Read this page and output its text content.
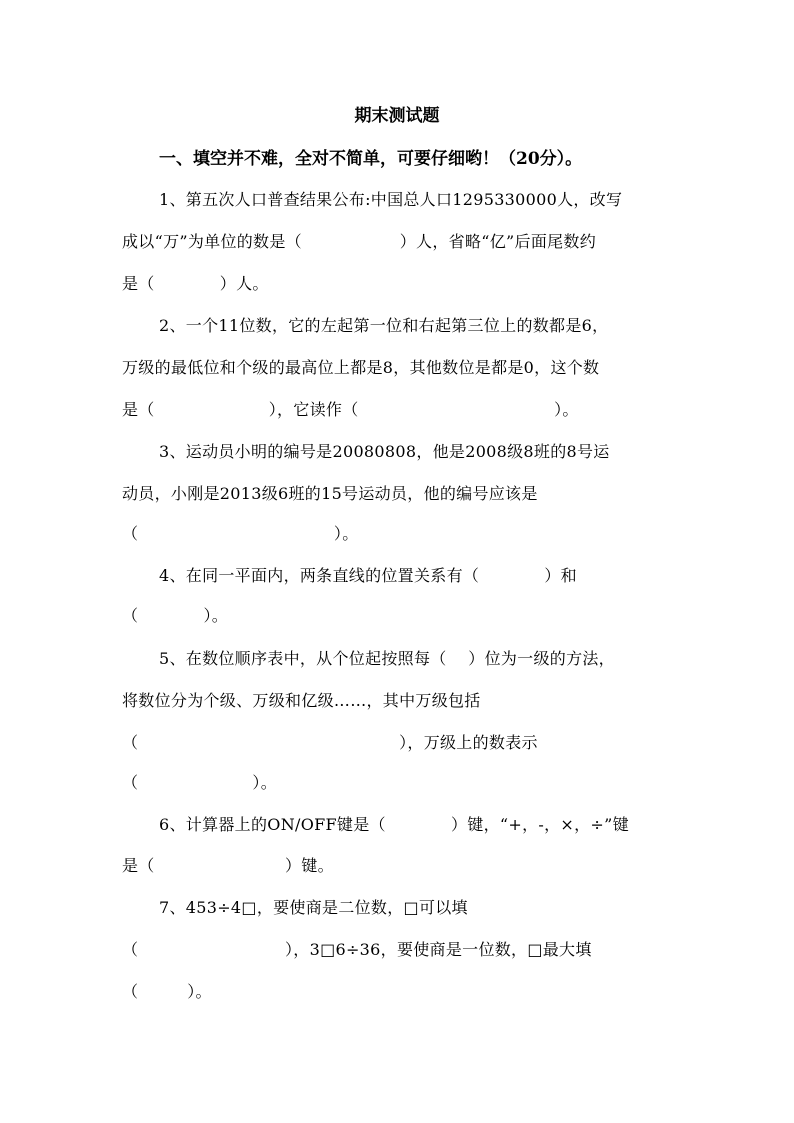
期末测试题
一、填空并不难，全对不简单，可要仔细哟！（20分）。
1、第五次人口普查结果公布:中国总人口1295330000人，改写
成以“万”为单位的数是（　　　　　　）人，省略“亿”后面尾数约
是（　　　　）人。
2、一个11位数，它的左起第一位和右起第三位上的数都是6，
万级的最低位和个级的最高位上都是8，其他数位是都是0，这个数
是（　　　　　　　），它读作（　　　　　　　　　　　　）。
3、运动员小明的编号是20080808，他是2008级8班的8号运
动员，小刚是2013级6班的15号运动员，他的编号应该是
（　　　　　　　　　　　　）。
4、在同一平面内，两条直线的位置关系有（　　　　）和
（　　　　）。
5、在数位顺序表中，从个位起按照每（　 ）位为一级的方法，
将数位分为个级、万级和亿级……，其中万级包括
（　　　　　　　　　　　　　　　　），万级上的数表示
（　　　　　　　）。
6、计算器上的ON/OFF键是（　　　　）键，“+，-，×，÷”键
是（　　　　　　　　）键。
7、453÷4□，要使商是二位数，□可以填
（　　　　　　　　　），3□6÷36，要使商是一位数，□最大填
（　　　）。
